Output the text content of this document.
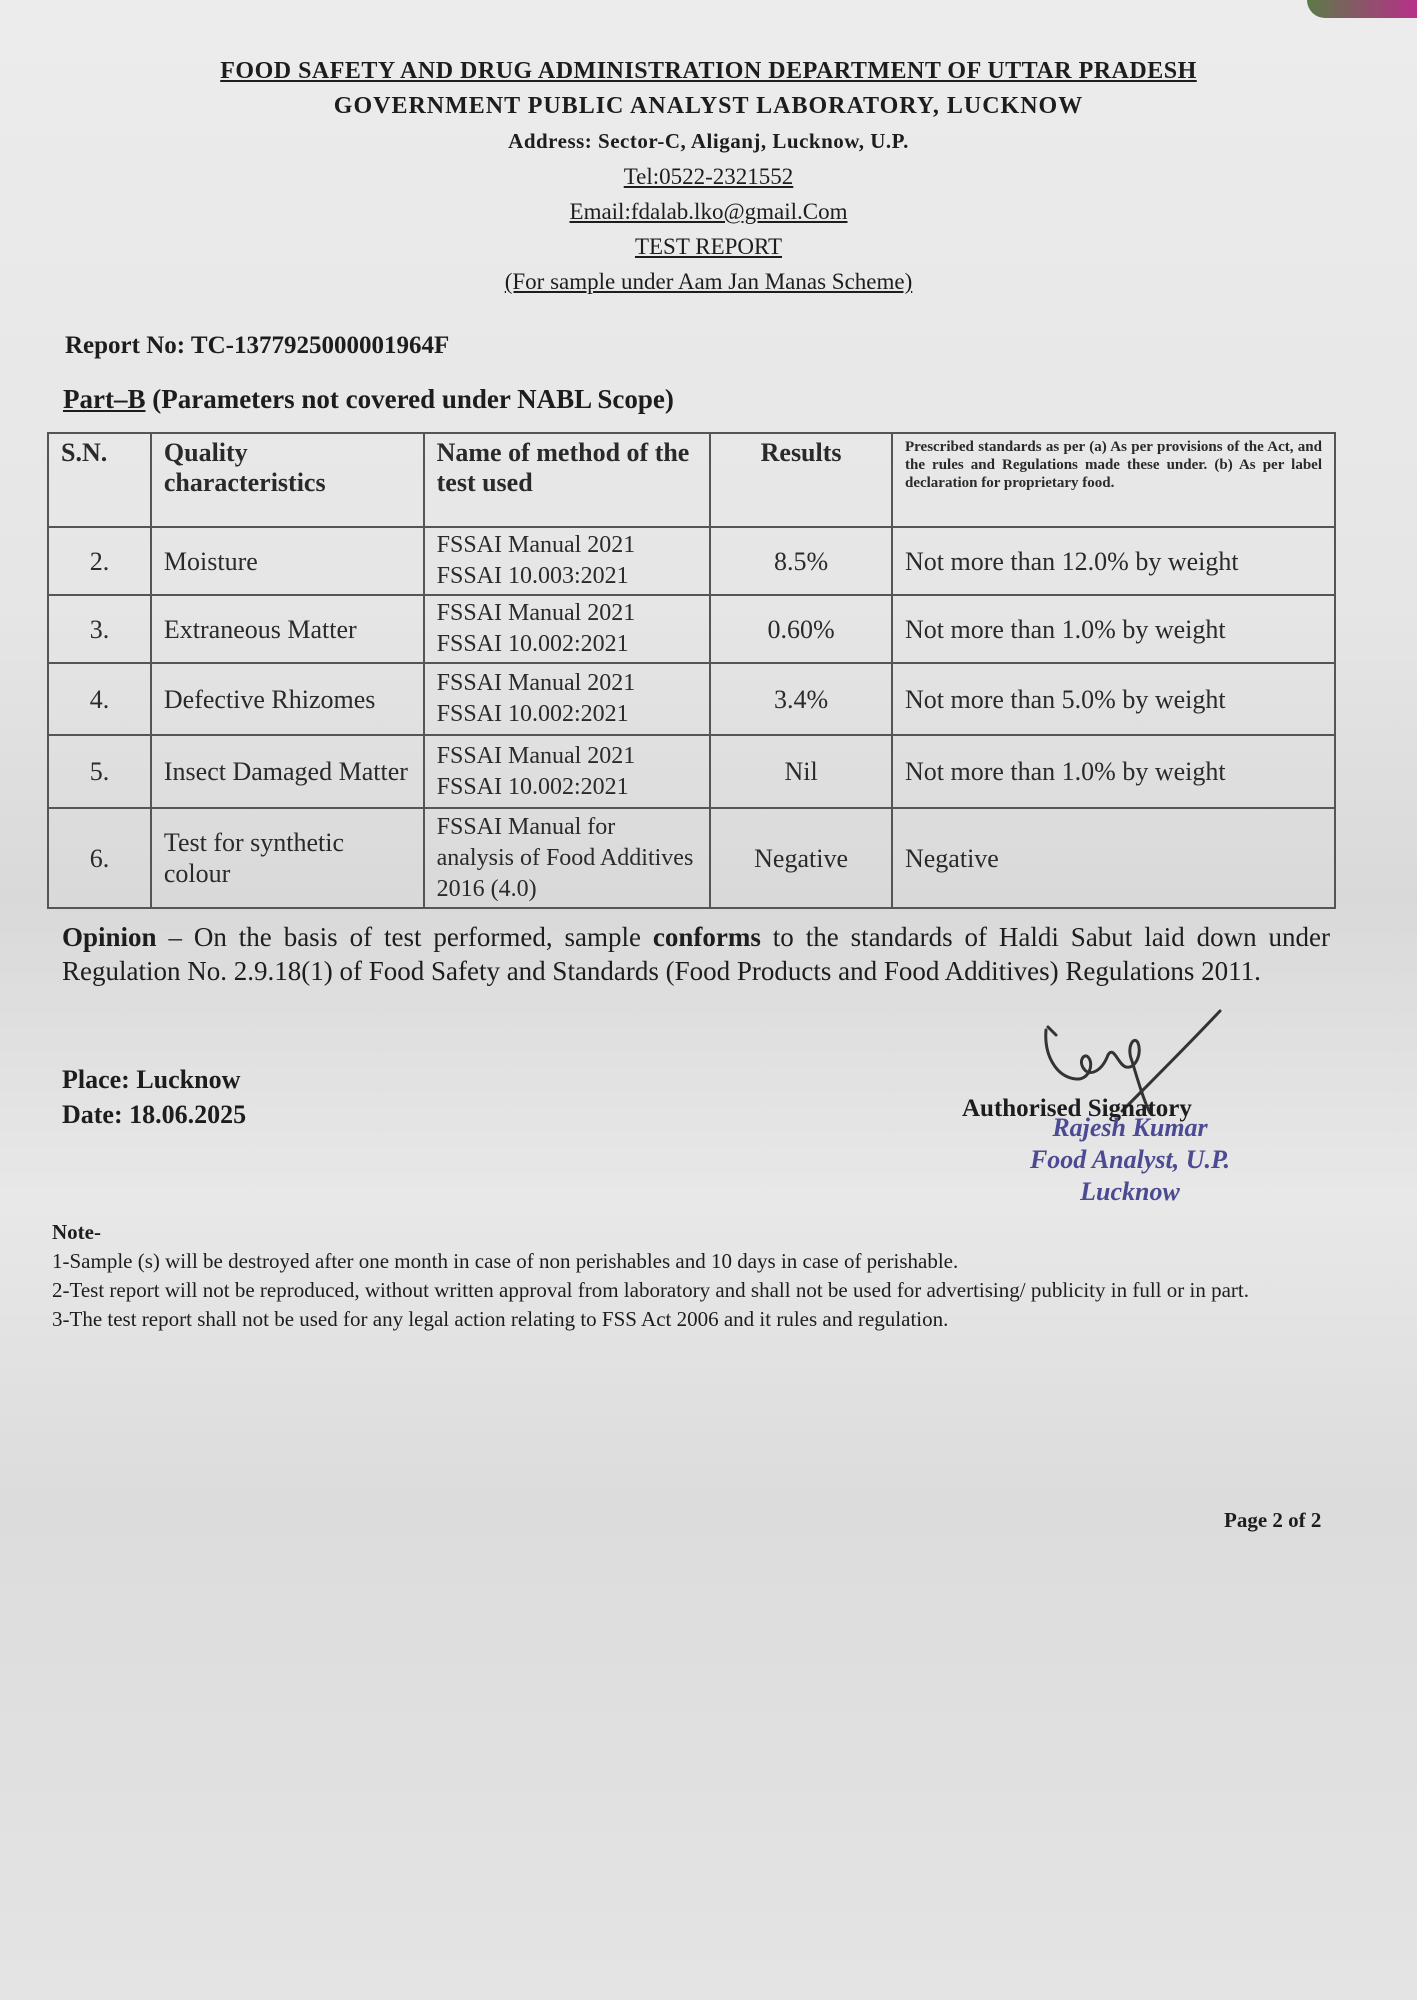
FOOD SAFETY AND DRUG ADMINISTRATION DEPARTMENT OF UTTAR PRADESH
GOVERNMENT PUBLIC ANALYST LABORATORY, LUCKNOW
Address: Sector-C, Aliganj, Lucknow, U.P.
Tel:0522-2321552
Email:fdalab.lko@gmail.Com
TEST REPORT
(For sample under Aam Jan Manas Scheme)
Report No: TC-1377925000001964F
Part–B (Parameters not covered under NABL Scope)
S.N.	Quality characteristics	Name of method of the test used	Results	Prescribed standards as per (a) As per provisions of the Act, and the rules and Regulations made these under. (b) As per label declaration for proprietary food.
2.	Moisture	FSSAI Manual 2021 FSSAI 10.003:2021	8.5%	Not more than 12.0% by weight
3.	Extraneous Matter	FSSAI Manual 2021 FSSAI 10.002:2021	0.60%	Not more than 1.0% by weight
4.	Defective Rhizomes	FSSAI Manual 2021 FSSAI 10.002:2021	3.4%	Not more than 5.0% by weight
5.	Insect Damaged Matter	FSSAI Manual 2021 FSSAI 10.002:2021	Nil	Not more than 1.0% by weight
6.	Test for synthetic colour	FSSAI Manual for analysis of Food Additives 2016 (4.0)	Negative	Negative
Opinion – On the basis of test performed, sample conforms to the standards of Haldi Sabut laid down under Regulation No. 2.9.18(1) of Food Safety and Standards (Food Products and Food Additives) Regulations 2011.
Place: Lucknow
Date: 18.06.2025	Authorised Signatory
Rajesh Kumar
Food Analyst, U.P.
Lucknow
Note-
1-Sample (s) will be destroyed after one month in case of non perishables and 10 days in case of perishable.
2-Test report will not be reproduced, without written approval from laboratory and shall not be used for advertising/ publicity in full or in part.
3-The test report shall not be used for any legal action relating to FSS Act 2006 and it rules and regulation.
Page 2 of 2
